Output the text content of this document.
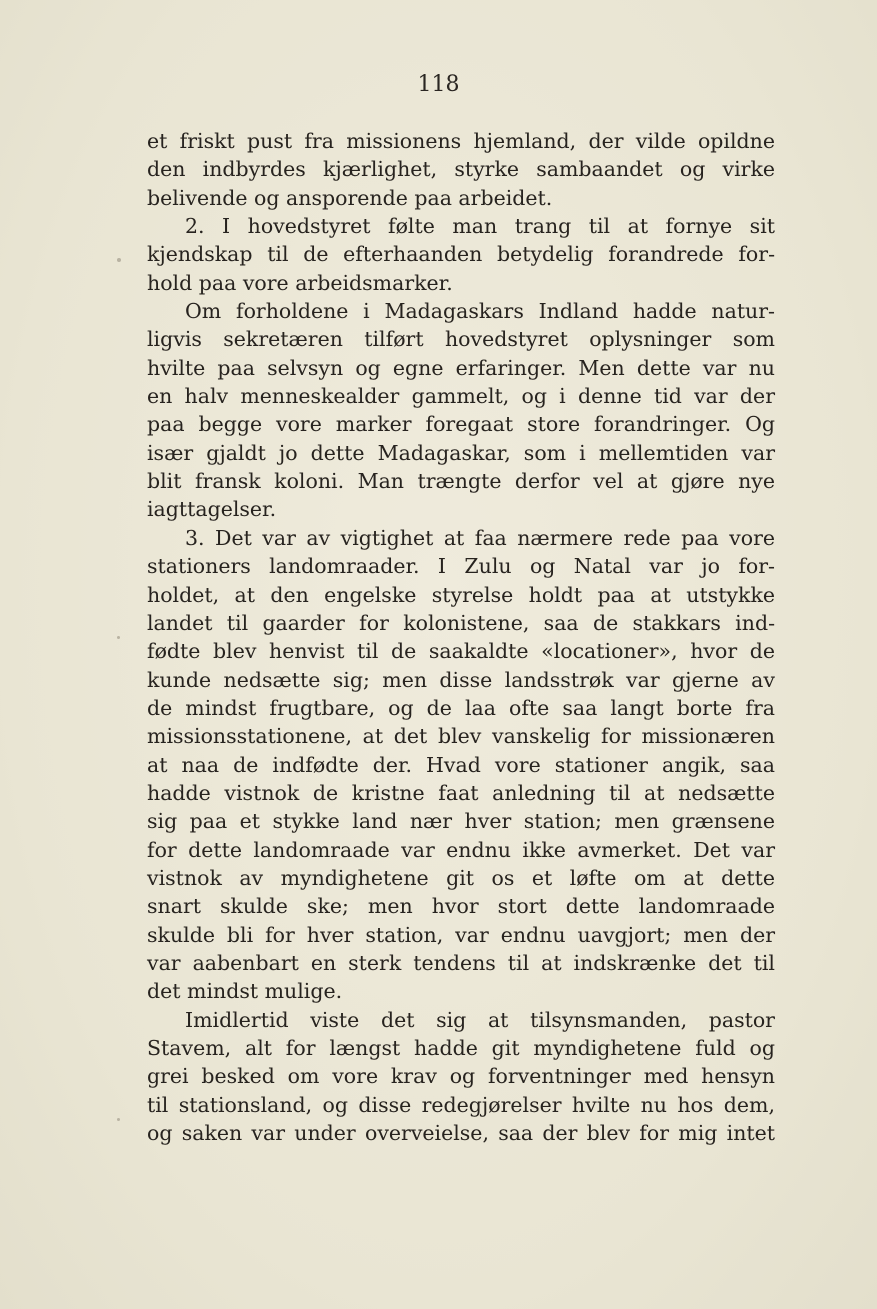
118
et friskt pust fra missionens hjemland, der vilde opildne
den indbyrdes kjærlighet, styrke sambaandet og virke
belivende og ansporende paa arbeidet.
2. I hovedstyret følte man trang til at fornye sit
kjendskap til de efterhaanden betydelig forandrede for-
hold paa vore arbeidsmarker.
Om forholdene i Madagaskars Indland hadde natur-
ligvis sekretæren tilført hovedstyret oplysninger som
hvilte paa selvsyn og egne erfaringer. Men dette var nu
en halv menneskealder gammelt, og i denne tid var der
paa begge vore marker foregaat store forandringer. Og
især gjaldt jo dette Madagaskar, som i mellemtiden var
blit fransk koloni. Man trængte derfor vel at gjøre nye
iagttagelser.
3. Det var av vigtighet at faa nærmere rede paa vore
stationers landomraader. I Zulu og Natal var jo for-
holdet, at den engelske styrelse holdt paa at utstykke
landet til gaarder for kolonistene, saa de stakkars ind-
fødte blev henvist til de saakaldte «locationer», hvor de
kunde nedsætte sig; men disse landsstrøk var gjerne av
de mindst frugtbare, og de laa ofte saa langt borte fra
missionsstationene, at det blev vanskelig for missionæren
at naa de indfødte der. Hvad vore stationer angik, saa
hadde vistnok de kristne faat anledning til at nedsætte
sig paa et stykke land nær hver station; men grænsene
for dette landomraade var endnu ikke avmerket. Det var
vistnok av myndighetene git os et løfte om at dette
snart skulde ske; men hvor stort dette landomraade
skulde bli for hver station, var endnu uavgjort; men der
var aabenbart en sterk tendens til at indskrænke det til
det mindst mulige.
Imidlertid viste det sig at tilsynsmanden, pastor
Stavem, alt for længst hadde git myndighetene fuld og
grei besked om vore krav og forventninger med hensyn
til stationsland, og disse redegjørelser hvilte nu hos dem,
og saken var under overveielse, saa der blev for mig intet
